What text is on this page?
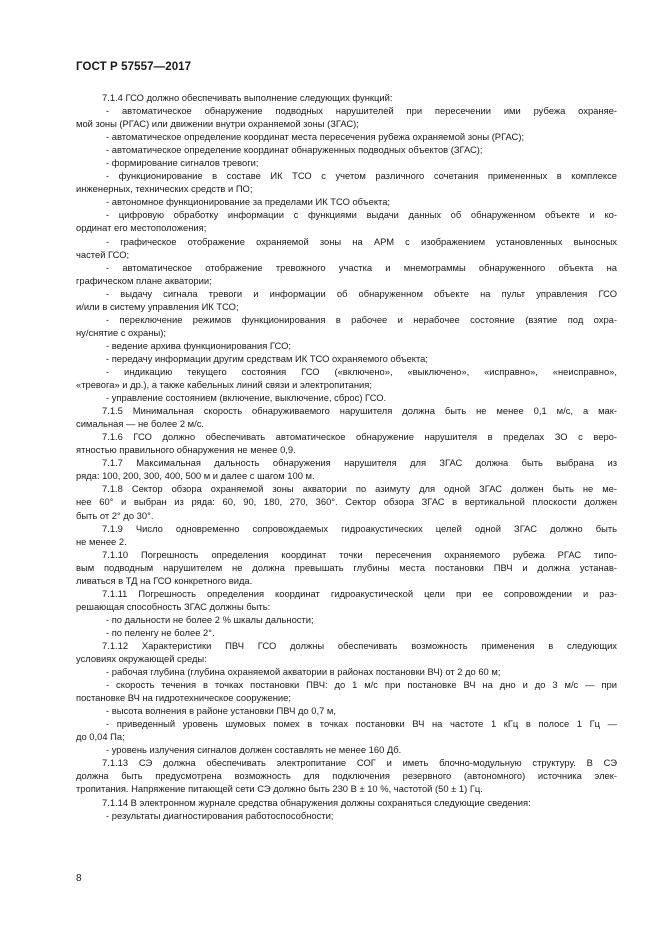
ГОСТ Р 57557—2017
7.1.4 ГСО должно обеспечивать выполнение следующих функций:
- автоматическое обнаружение подводных нарушителей при пересечении ими рубежа охраняе-
мой зоны (РГАС) или движении внутри охраняемой зоны (ЗГАС);
- автоматическое определение координат места пересечения рубежа охраняемой зоны (РГАС);
- автоматическое определение координат обнаруженных подводных объектов (ЗГАС);
- формирование сигналов тревоги;
- функционирование в составе ИК ТСО с учетом различного сочетания примененных в комплексе
инженерных, технических средств и ПО;
- автономное функционирование за пределами ИК ТСО объекта;
- цифровую обработку информации с функциями выдачи данных об обнаруженном объекте и ко-
ординат его местоположения;
- графическое отображение охраняемой зоны на АРМ с изображением установленных выносных
частей ГСО;
- автоматическое отображение тревожного участка и мнемограммы обнаруженного объекта на
графическом плане акватории;
- выдачу сигнала тревоги и информации об обнаруженном объекте на пульт управления ГСО
и/или в систему управления ИК ТСО;
- переключение режимов функционирования в рабочее и нерабочее состояние (взятие под охра-
ну/снятие с охраны);
- ведение архива функционирования ГСО;
- передачу информации другим средствам ИК ТСО охраняемого объекта;
- индикацию текущего состояния ГСО («включено», «выключено», «исправно», «неисправно»,
«тревога» и др.), а также кабельных линий связи и электропитания;
- управление состоянием (включение, выключение, сброс) ГСО.
7.1.5 Минимальная скорость обнаруживаемого нарушителя должна быть не менее 0,1 м/с, а мак-
симальная — не более 2 м/с.
7.1.6 ГСО должно обеспечивать автоматическое обнаружение нарушителя в пределах ЗО с веро-
ятностью правильного обнаружения не менее 0,9.
7.1.7 Максимальная дальность обнаружения нарушителя для ЗГАС должна быть выбрана из
ряда: 100, 200, 300, 400, 500 м и далее с шагом 100 м.
7.1.8 Сектор обзора охраняемой зоны акватории по азимуту для одной ЗГАС должен быть не ме-
нее 60° и выбран из ряда: 60, 90, 180, 270, 360°. Сектор обзора ЗГАС в вертикальной плоскости должен
быть от 2° до 30°.
7.1.9 Число одновременно сопровождаемых гидроакустических целей одной ЗГАС должно быть
не менее 2.
7.1.10 Погрешность определения координат точки пересечения охраняемого рубежа РГАС типо-
вым подводным нарушителем не должна превышать глубины места постановки ПВЧ и должна устанав-
ливаться в ТД на ГСО конкретного вида.
7.1.11 Погрешность определения координат гидроакустической цели при ее сопровождении и раз-
решающая способность ЗГАС должны быть:
- по дальности не более 2 % шкалы дальности;
- по пеленгу не более 2°.
7.1.12 Характеристики ПВЧ ГСО должны обеспечивать возможность применения в следующих
условиях окружающей среды:
- рабочая глубина (глубина охраняемой акватории в районах постановки ВЧ) от 2 до 60 м;
- скорость течения в точках постановки ПВЧ: до 1 м/с при постановке ВЧ на дно и до 3 м/с — при
постановке ВЧ на гидротехническое сооружение;
- высота волнения в районе установки ПВЧ до 0,7 м,
- приведенный уровень шумовых помех в точках постановки ВЧ на частоте 1 кГц в полосе 1 Гц —
до 0,04 Па;
- уровень излучения сигналов должен составлять не менее 160 Дб.
7.1.13 СЭ должна обеспечивать электропитание СОГ и иметь блочно-модульную структуру. В СЭ
должна быть предусмотрена возможность для подключения резервного (автономного) источника элек-
тропитания. Напряжение питающей сети СЭ должно быть 230 В ± 10 %, частотой (50 ± 1) Гц.
7.1.14 В электронном журнале средства обнаружения должны сохраняться следующие сведения:
- результаты диагностирования работоспособности;
8
